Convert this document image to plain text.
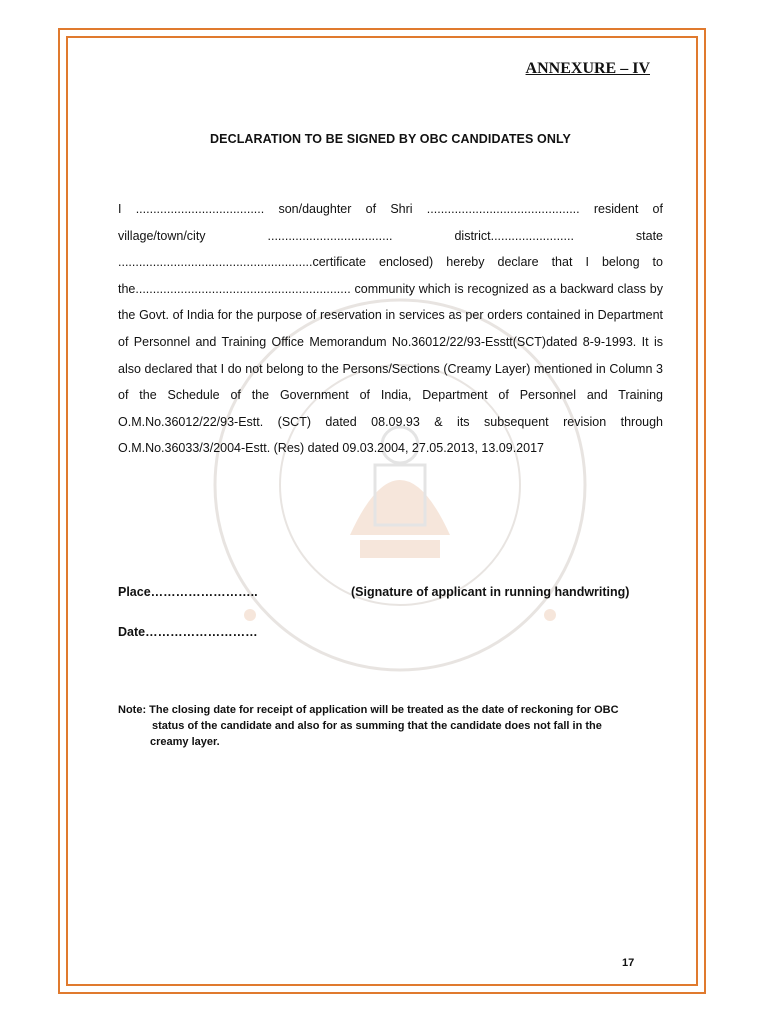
ANNEXURE – IV
DECLARATION TO BE SIGNED BY OBC CANDIDATES ONLY
I ..................................... son/daughter of Shri ............................................ resident of village/town/city .................................... district........................ state ........................................................certificate enclosed) hereby declare that I belong to the.............................................................. community which is recognized as a backward class by the Govt. of India for the purpose of reservation in services as per orders contained in Department of Personnel and Training Office Memorandum No.36012/22/93-Esstt(SCT)dated 8-9-1993. It is also declared that I do not belong to the Persons/Sections (Creamy Layer) mentioned in Column 3 of the Schedule of the Government of India, Department of Personnel and Training O.M.No.36012/22/93-Estt. (SCT) dated 08.09.93 & its subsequent revision through O.M.No.36033/3/2004-Estt. (Res) dated 09.03.2004, 27.05.2013, 13.09.2017
Place……………………..	(Signature of applicant in running handwriting)
Date………………………
Note: The closing date for receipt of application will be treated as the date of reckoning for OBC
status of the candidate and also for as summing that the candidate does not fall in the
creamy layer.
17
